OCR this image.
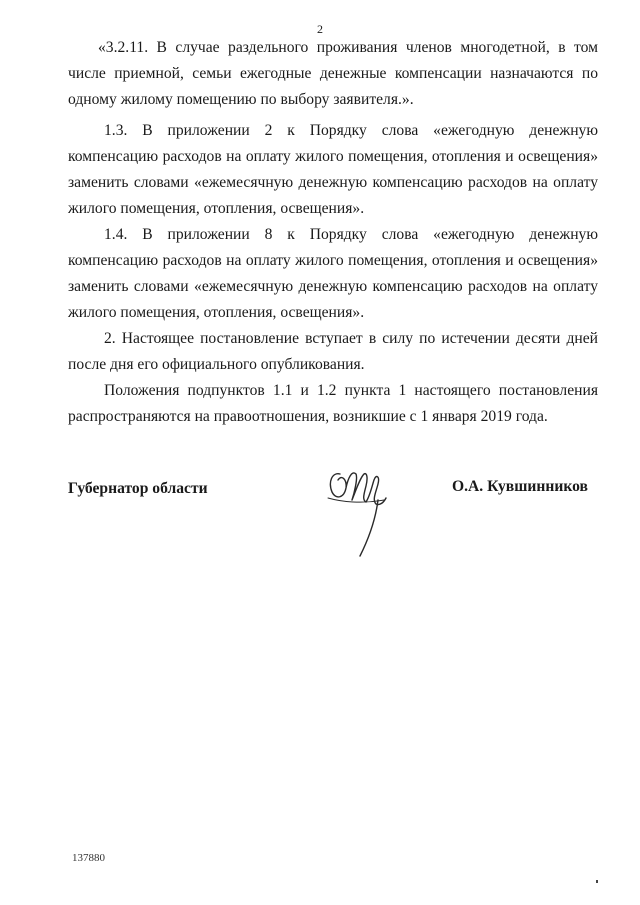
2

«3.2.11. В случае раздельного проживания членов многодетной, в том числе приемной, семьи ежегодные денежные компенсации назначаются по одному жилому помещению по выбору заявителя.».

1.3. В приложении 2 к Порядку слова «ежегодную денежную компенсацию расходов на оплату жилого помещения, отопления и освещения» заменить словами «ежемесячную денежную компенсацию расходов на оплату жилого помещения, отопления, освещения».

1.4. В приложении 8 к Порядку слова «ежегодную денежную компенсацию расходов на оплату жилого помещения, отопления и освещения» заменить словами «ежемесячную денежную компенсацию расходов на оплату жилого помещения, отопления, освещения».

2. Настоящее постановление вступает в силу по истечении десяти дней после дня его официального опубликования.

Положения подпунктов 1.1 и 1.2 пункта 1 настоящего постановления распространяются на правоотношения, возникшие с 1 января 2019 года.

Губернатор области	О.А. Кувшинников
137880
